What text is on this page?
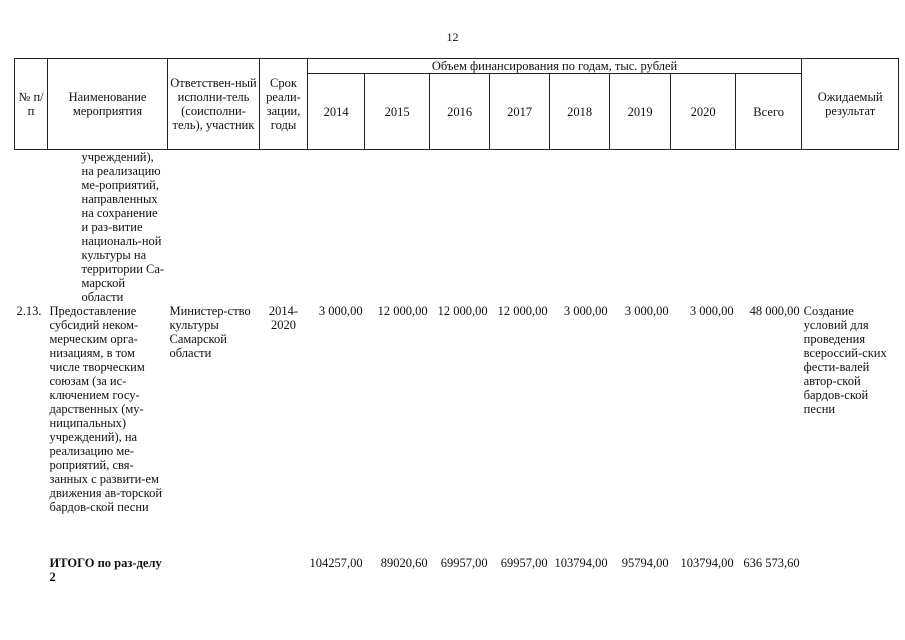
12
№ п/п	Наименование мероприятия	Ответствен-ный исполни-тель (соисполни-тель), участник	Срок реали-зации, годы	Объем финансирования по годам, тыс. рублей								Ожидаемый результат
				2014	2015	2016	2017	2018	2019	2020	Всего	
	учреждений), на реализацию ме-роприятий, направленных на сохранение и раз-витие националь-ной культуры на территории Са-марской области											
2.13.	Предоставление субсидий неком-мерческим орга-низациям, в том числе творческим союзам (за ис-ключением госу-дарственных (му-ниципальных) учреждений), на реализацию ме-роприятий, свя-занных с развити-ем движения ав-торской бардов-ской песни	Министер-ство культуры Самарской области	2014-2020	3 000,00	12 000,00	12 000,00	12 000,00	3 000,00	3 000,00	3 000,00	48 000,00	Создание условий для проведения всероссий-ских фести-валей автор-ской бардов-ской песни
	ИТОГО по раз-делу 2			104257,00	89020,60	69957,00	69957,00	103794,00	95794,00	103794,00	636 573,60	
